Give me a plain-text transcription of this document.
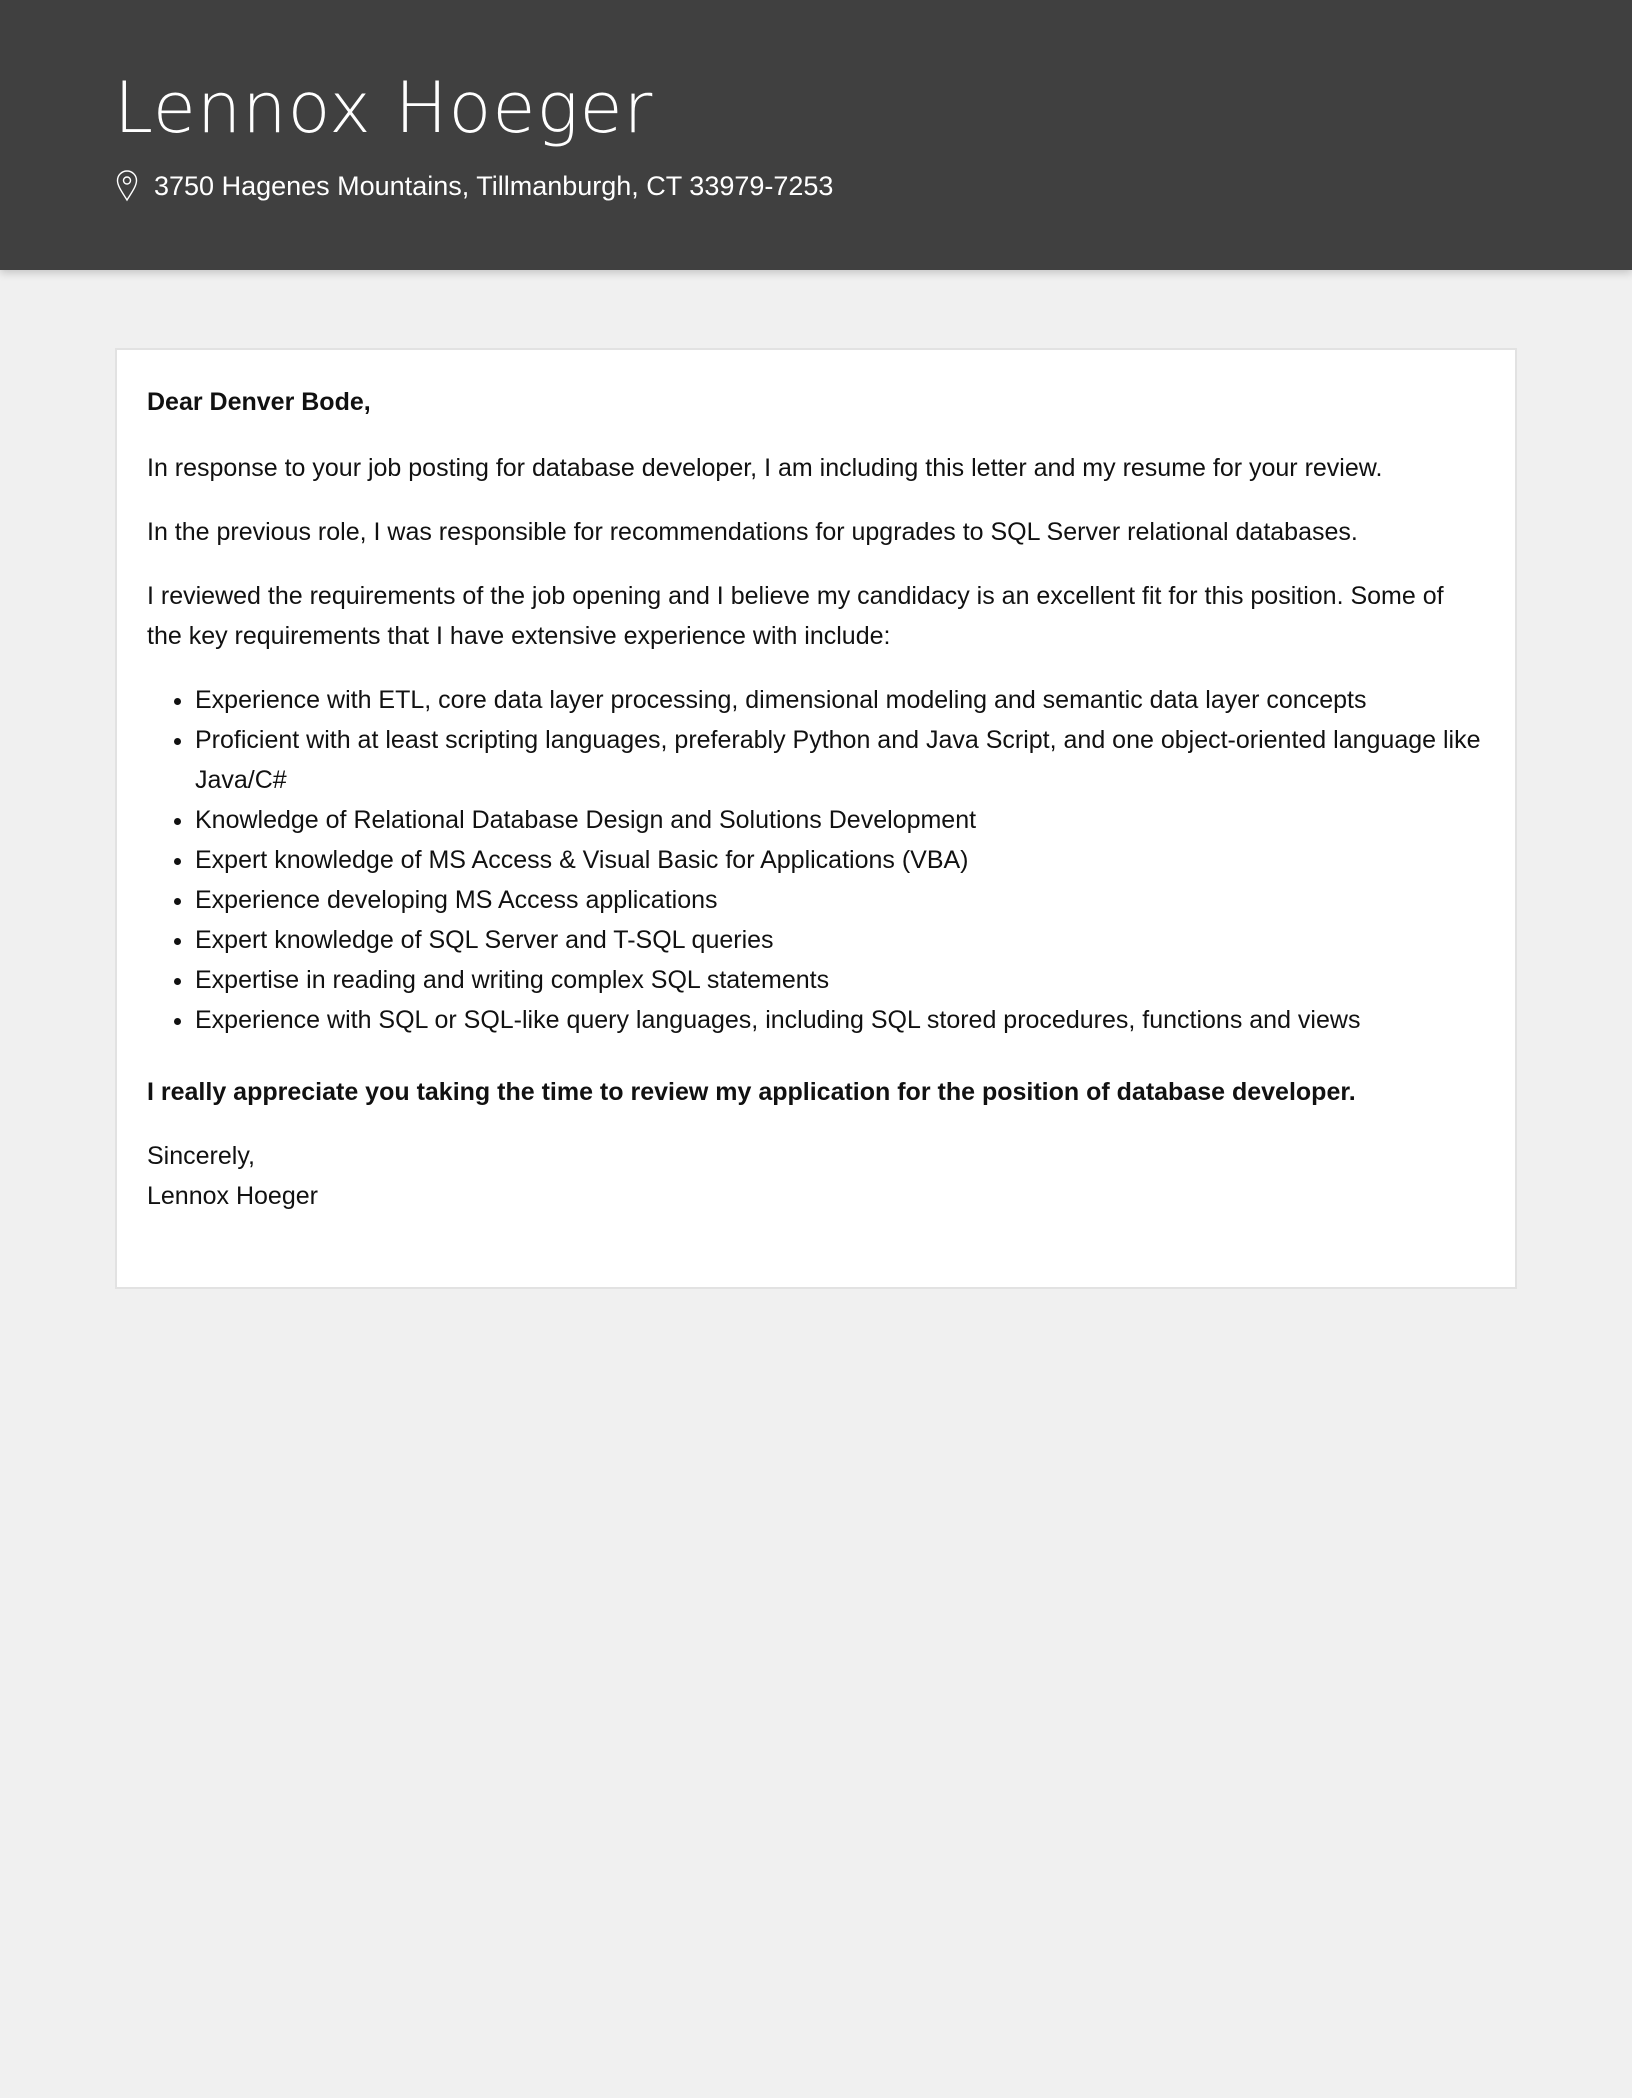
Lennox Hoeger
3750 Hagenes Mountains, Tillmanburgh, CT 33979-7253

Dear Denver Bode,

In response to your job posting for database developer, I am including this letter and my resume for your review.

In the previous role, I was responsible for recommendations for upgrades to SQL Server relational databases.

I reviewed the requirements of the job opening and I believe my candidacy is an excellent fit for this position. Some of the key requirements that I have extensive experience with include:

• Experience with ETL, core data layer processing, dimensional modeling and semantic data layer concepts
• Proficient with at least scripting languages, preferably Python and Java Script, and one object-oriented language like Java/C#
• Knowledge of Relational Database Design and Solutions Development
• Expert knowledge of MS Access & Visual Basic for Applications (VBA)
• Experience developing MS Access applications
• Expert knowledge of SQL Server and T-SQL queries
• Expertise in reading and writing complex SQL statements
• Experience with SQL or SQL-like query languages, including SQL stored procedures, functions and views

I really appreciate you taking the time to review my application for the position of database developer.

Sincerely,

Lennox Hoeger
